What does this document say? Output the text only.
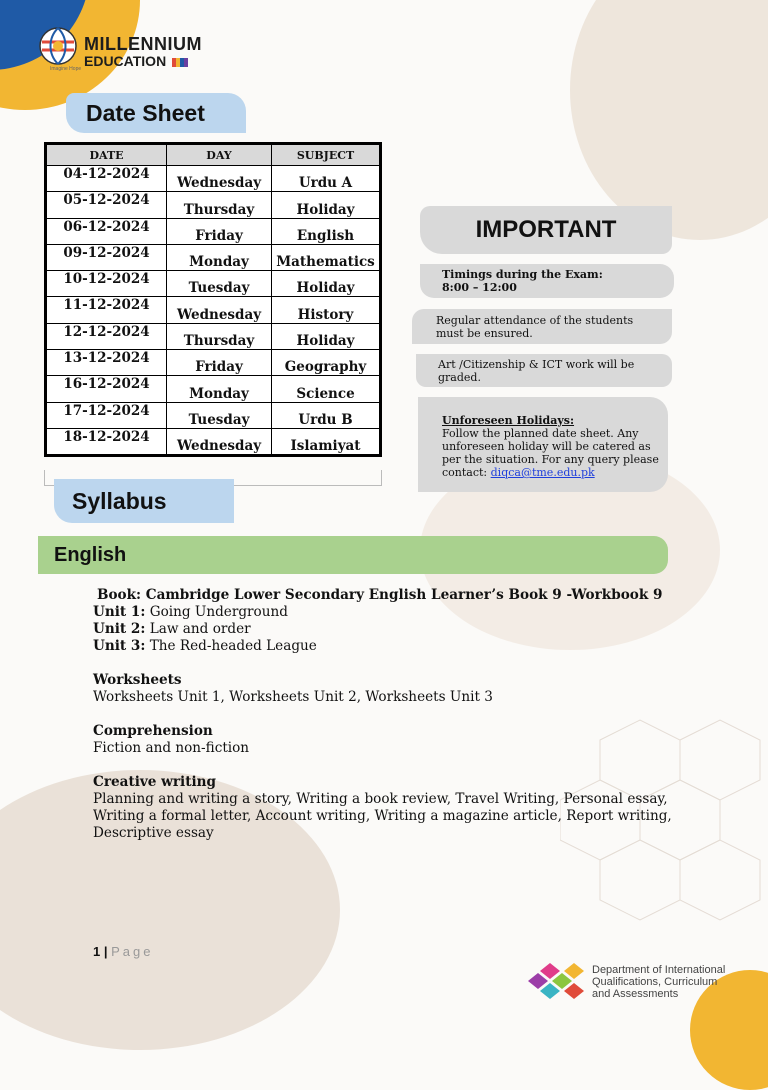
MILLENNIUM
EDUCATION
Imagine Hope
Date Sheet
DATE	DAY	SUBJECT
04-12-2024	Wednesday	Urdu A
05-12-2024	Thursday	Holiday
06-12-2024	Friday	English
09-12-2024	Monday	Mathematics
10-12-2024	Tuesday	Holiday
11-12-2024	Wednesday	History
12-12-2024	Thursday	Holiday
13-12-2024	Friday	Geography
16-12-2024	Monday	Science
17-12-2024	Tuesday	Urdu B
18-12-2024	Wednesday	Islamiyat
IMPORTANT
Timings during the Exam:
8:00 – 12:00
Regular attendance of the students must be ensured.
Art /Citizenship & ICT work will be graded.
Unforeseen Holidays:
Follow the planned date sheet. Any unforeseen holiday will be catered as per the situation. For any query please contact: diqca@tme.edu.pk
Syllabus
English

Book: Cambridge Lower Secondary English Learner’s Book 9 -Workbook 9

Unit 1: Going Underground

Unit 2: Law and order

Unit 3: The Red-headed League

Worksheets

Worksheets Unit 1, Worksheets Unit 2, Worksheets Unit 3

Comprehension

Fiction and non-fiction

Creative writing

Planning and writing a story, Writing a book review, Travel Writing, Personal essay, Writing a formal letter, Account writing, Writing a magazine article, Report writing, Descriptive essay

1 | Page
Department of International
Qualifications, Curriculum
and Assessments
